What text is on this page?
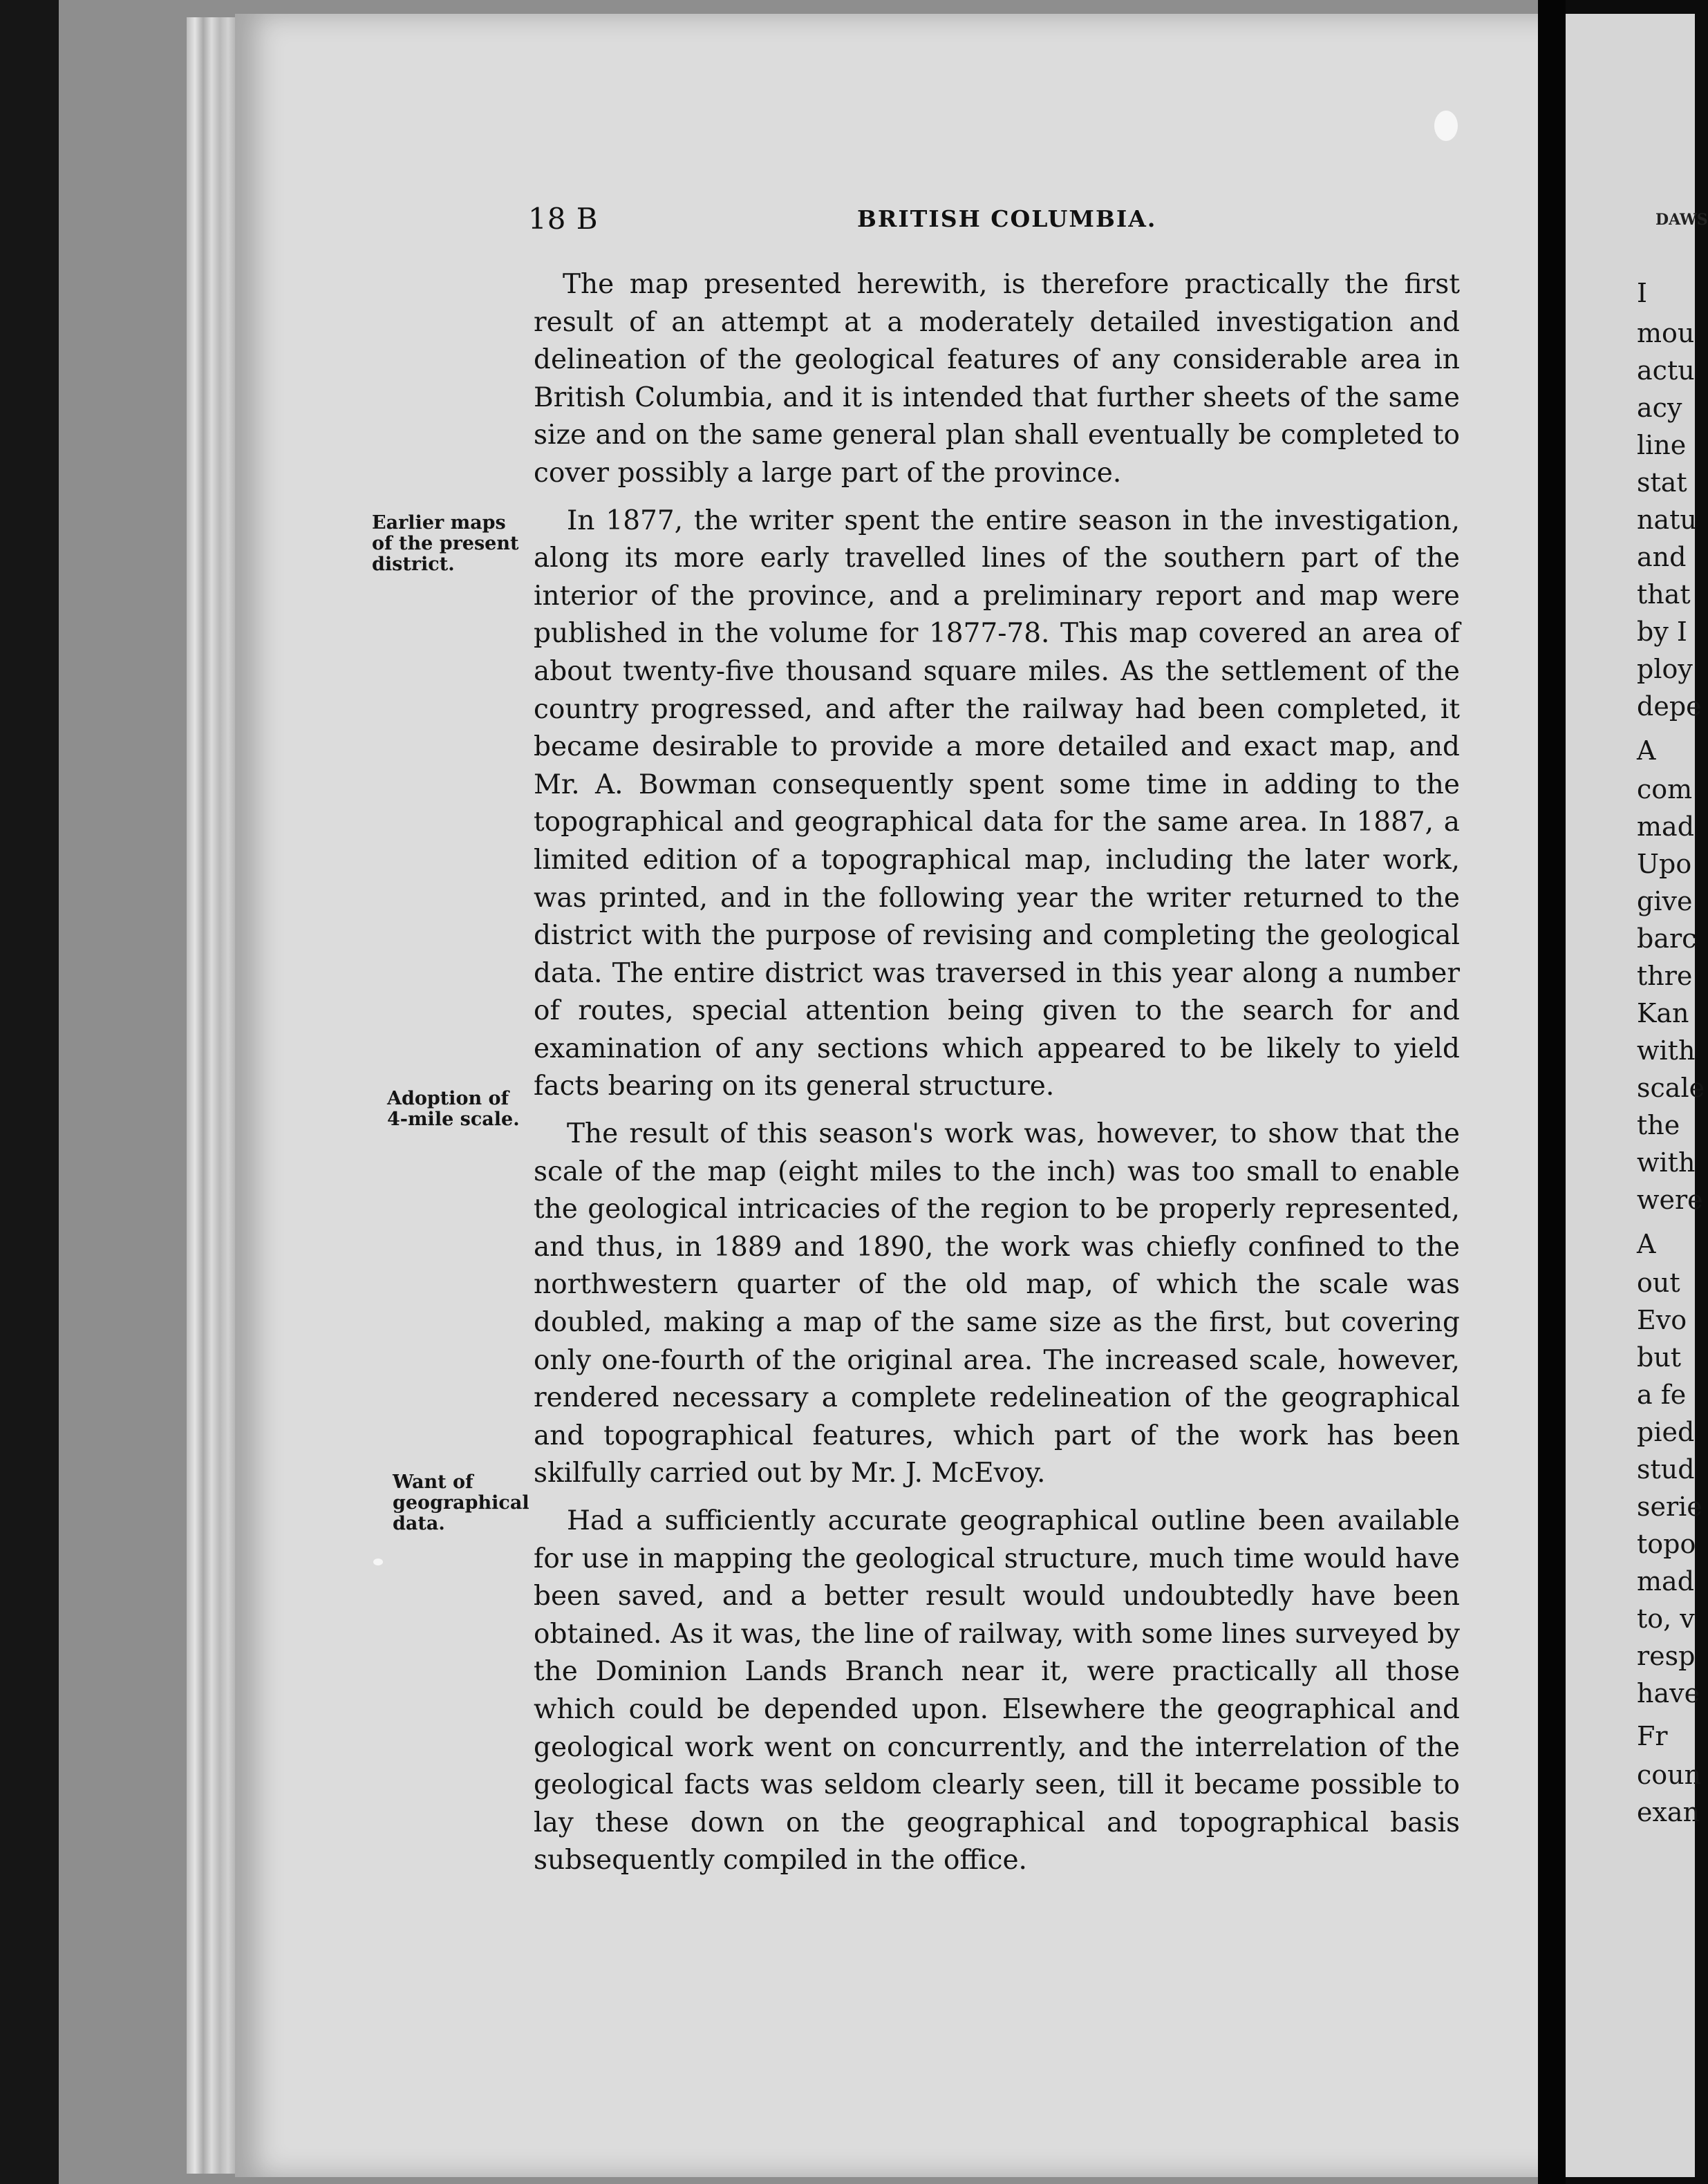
DAWS
I
mou
actu
acy
line
stat
natu
and
that
by I
ploy
depe
A
com
mad
Upo
give
barc
thre
Kan
with
scale
the
with
were
A
out
Evo
but
a fe
pied
stud
serie
topo
mad
to, v
resp
have
Fr
coun
exan
18 B	BRITISH COLUMBIA.
Earlier maps of the present district.
Adoption of 4-mile scale.
Want of geographical data.

The map presented herewith, is therefore practically the first result of an attempt at a moderately detailed investigation and delineation of the geological features of any considerable area in British Columbia, and it is intended that further sheets of the same size and on the same general plan shall eventually be completed to cover possibly a large part of the province.

In 1877, the writer spent the entire season in the investigation, along its more early travelled lines of the southern part of the interior of the province, and a preliminary report and map were published in the volume for 1877-78. This map covered an area of about twenty-five thousand square miles. As the settlement of the country progressed, and after the railway had been completed, it became desirable to provide a more detailed and exact map, and Mr. A. Bowman consequently spent some time in adding to the topographical and geographical data for the same area. In 1887, a limited edition of a topographical map, including the later work, was printed, and in the following year the writer returned to the district with the purpose of revising and completing the geological data. The entire district was traversed in this year along a number of routes, special attention being given to the search for and examination of any sections which appeared to be likely to yield facts bearing on its general structure.

The result of this season's work was, however, to show that the scale of the map (eight miles to the inch) was too small to enable the geological intricacies of the region to be properly represented, and thus, in 1889 and 1890, the work was chiefly confined to the northwestern quarter of the old map, of which the scale was doubled, making a map of the same size as the first, but covering only one-fourth of the original area. The increased scale, however, rendered necessary a complete redelineation of the geographical and topographical features, which part of the work has been skilfully carried out by Mr. J. McEvoy.

Had a sufficiently accurate geographical outline been available for use in mapping the geological structure, much time would have been saved, and a better result would undoubtedly have been obtained. As it was, the line of railway, with some lines surveyed by the Dominion Lands Branch near it, were practically all those which could be depended upon. Elsewhere the geographical and geological work went on concurrently, and the interrelation of the geological facts was seldom clearly seen, till it became possible to lay these down on the geographical and topographical basis subsequently compiled in the office.
